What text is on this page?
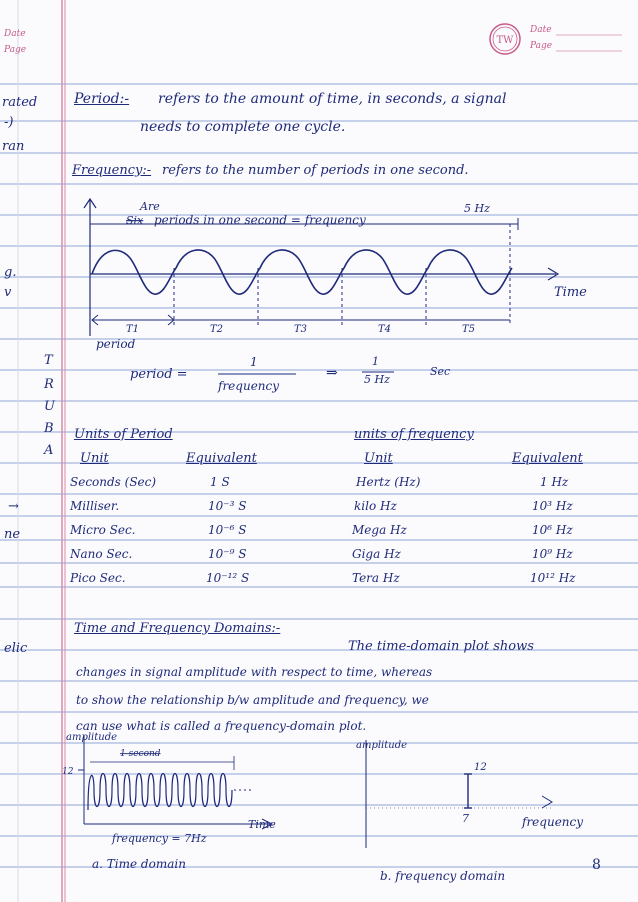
Date
Page
TW
Date
Page
rated
-)
ran
g.
v
T
R
U
B
A
→
ne
elic
Period:- refers to the amount of time, in seconds, a signal
needs to complete one cycle.
Frequency:- refers to the number of periods in one second.
Are
Six periods in one second = frequency
5 Hz
Time
period
T1	T2	T3	T4	T5
period =
1
frequency
⇒
1
5 Hz
Sec
Units of Period	units of frequency
Unit	Equivalent	Unit	Equivalent
Seconds (Sec)	1 S	Hertz (Hz)	1 Hz
Milliser.	10⁻³ S	kilo Hz	10³ Hz
Micro Sec.	10⁻⁶ S	Mega Hz	10⁶ Hz
Nano Sec.	10⁻⁹ S	Giga Hz	10⁹ Hz
Pico Sec.	10⁻¹² S	Tera Hz	10¹² Hz
Time and Frequency Domains:-
The time-domain plot shows
changes in signal amplitude with respect to time, whereas
to show the relationship b/w amplitude and frequency, we
can use what is called a frequency-domain plot.
amplitude
1 second
12
Time
frequency = 7Hz
a. Time domain
amplitude
12
7	frequency
b. frequency domain
8
